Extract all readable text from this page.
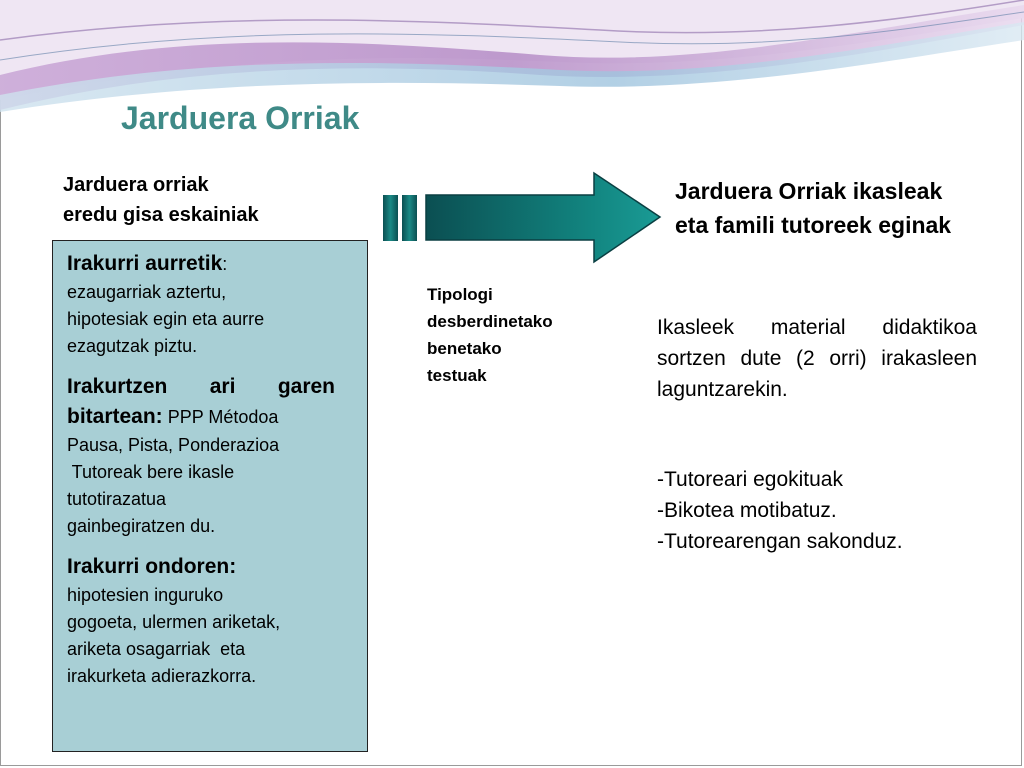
Jarduera Orriak
Jarduera orriak
eredu gisa eskainiak
Irakurri aurretik:
ezaugarriak aztertu,
hipotesiak egin eta aurre
ezagutzak piztu.
Irakurtzen ari garen
bitartean: PPP Métodoa
Pausa, Pista, Ponderazioa
Tutoreak bere ikasle
tutotirazatua
gainbegiratzen du.
Irakurri ondoren:
hipotesien inguruko
gogoeta, ulermen ariketak,
ariketa osagarriak  eta
irakurketa adierazkorra.
Tipologi
desberdinetako
benetako
testuak
Jarduera Orriak ikasleak
eta famili tutoreek eginak
Ikasleek material didaktikoa sortzen dute (2 orri) irakasleen laguntzarekin.
-Tutoreari egokituak
-Bikotea motibatuz.
-Tutorearengan sakonduz.
